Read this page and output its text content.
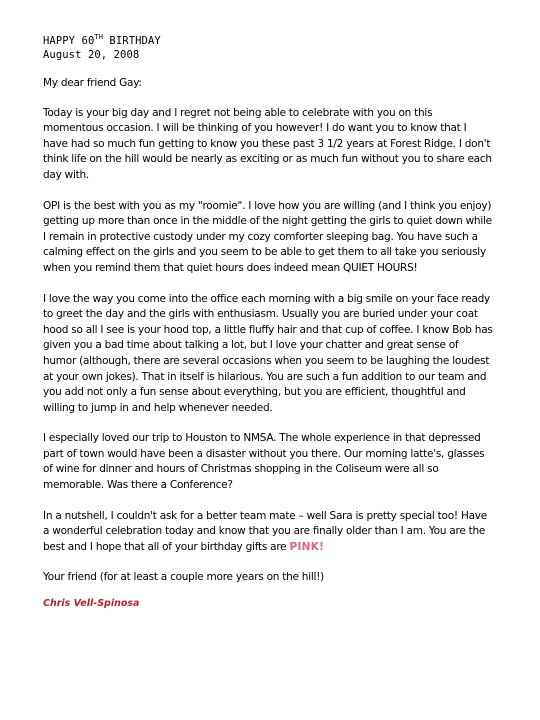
HAPPY 60TH BIRTHDAY
August 20, 2008

My dear friend Gay:

Today is your big day and I regret not being able to celebrate with you on this momentous occasion. I will be thinking of you however! I do want you to know that I have had so much fun getting to know you these past 3 1/2 years at Forest Ridge. I don't think life on the hill would be nearly as exciting or as much fun without you to share each day with.

OPI is the best with you as my "roomie". I love how you are willing (and I think you enjoy) getting up more than once in the middle of the night getting the girls to quiet down while I remain in protective custody under my cozy comforter sleeping bag. You have such a calming effect on the girls and you seem to be able to get them to all take you seriously when you remind them that quiet hours does indeed mean QUIET HOURS!

I love the way you come into the office each morning with a big smile on your face ready to greet the day and the girls with enthusiasm. Usually you are buried under your coat hood so all I see is your hood top, a little fluffy hair and that cup of coffee. I know Bob has given you a bad time about talking a lot, but I love your chatter and great sense of humor (although, there are several occasions when you seem to be laughing the loudest at your own jokes). That in itself is hilarious. You are such a fun addition to our team and you add not only a fun sense about everything, but you are efficient, thoughtful and willing to jump in and help whenever needed.

I especially loved our trip to Houston to NMSA. The whole experience in that depressed part of town would have been a disaster without you there. Our morning latte's, glasses of wine for dinner and hours of Christmas shopping in the Coliseum were all so memorable. Was there a Conference?

In a nutshell, I couldn't ask for a better team mate – well Sara is pretty special too! Have a wonderful celebration today and know that you are finally older than I am. You are the best and I hope that all of your birthday gifts are PINK!

Your friend (for at least a couple more years on the hill!)

Chris Vell-Spinosa
